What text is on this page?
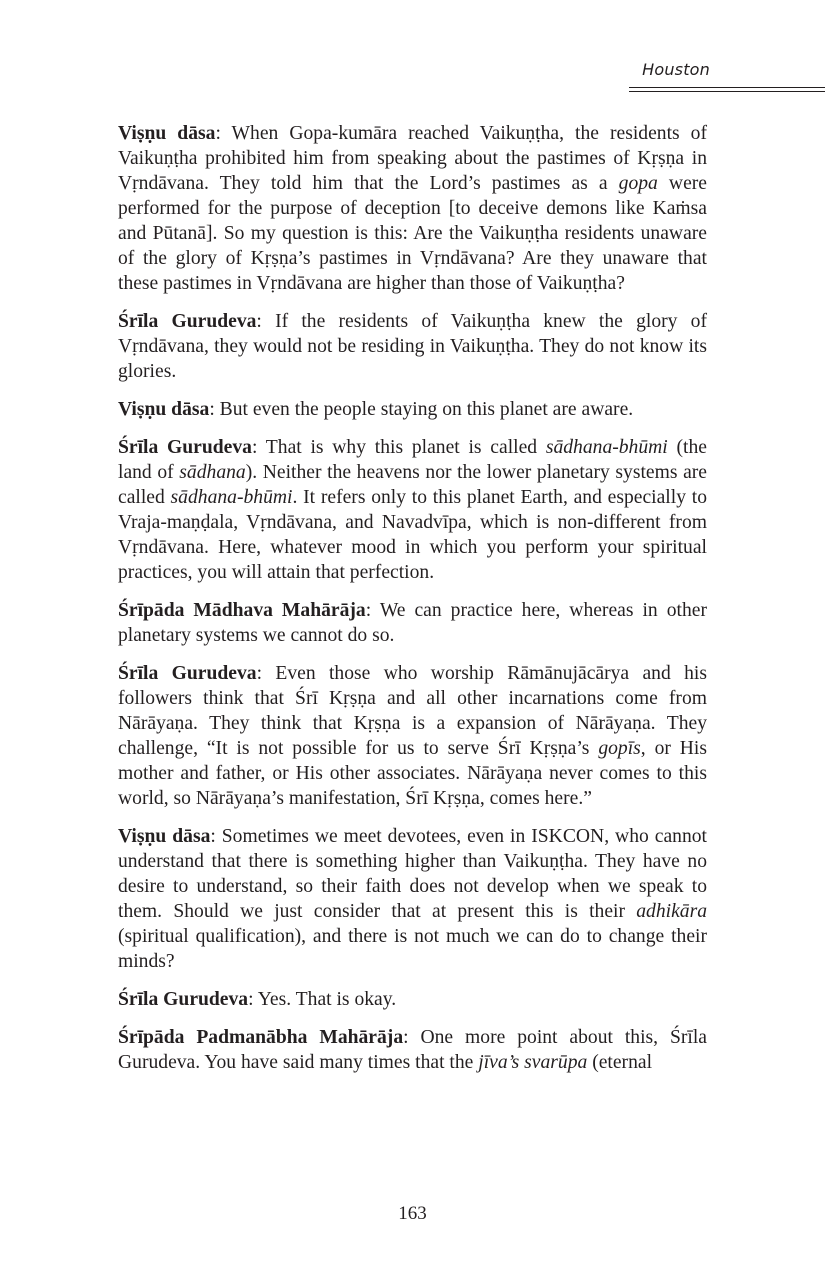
Houston

Viṣṇu dāsa: When Gopa-kumāra reached Vaikuṇṭha, the residents of Vaikuṇṭha prohibited him from speaking about the pastimes of Kṛṣṇa in Vṛndāvana. They told him that the Lord’s pastimes as a gopa were performed for the purpose of deception [to deceive demons like Kaṁsa and Pūtanā]. So my question is this: Are the Vaikuṇṭha residents unaware of the glory of Kṛṣṇa’s pastimes in Vṛndāvana? Are they unaware that these pastimes in Vṛndāvana are higher than those of Vaikuṇṭha?

Śrīla Gurudeva: If the residents of Vaikuṇṭha knew the glory of Vṛndāvana, they would not be residing in Vaikuṇṭha. They do not know its glories.

Viṣṇu dāsa: But even the people staying on this planet are aware.

Śrīla Gurudeva: That is why this planet is called sādhana-bhūmi (the land of sādhana). Neither the heavens nor the lower planetary systems are called sādhana-bhūmi. It refers only to this planet Earth, and especially to Vraja-maṇḍala, Vṛndāvana, and Navadvīpa, which is non-different from Vṛndāvana. Here, whatever mood in which you perform your spiritual practices, you will attain that perfection.

Śrīpāda Mādhava Mahārāja: We can practice here, whereas in other planetary systems we cannot do so.

Śrīla Gurudeva: Even those who worship Rāmānujācārya and his followers think that Śrī Kṛṣṇa and all other incarnations come from Nārāyaṇa. They think that Kṛṣṇa is a expansion of Nārāyaṇa. They challenge, “It is not possible for us to serve Śrī Kṛṣṇa’s gopīs, or His mother and father, or His other associates. Nārāyaṇa never comes to this world, so Nārāyaṇa’s manifestation, Śrī Kṛṣṇa, comes here.”

Viṣṇu dāsa: Sometimes we meet devotees, even in ISKCON, who cannot understand that there is something higher than Vaikuṇṭha. They have no desire to understand, so their faith does not develop when we speak to them. Should we just consider that at present this is their adhikāra (spiritual qualification), and there is not much we can do to change their minds?

Śrīla Gurudeva: Yes. That is okay.

Śrīpāda Padmanābha Mahārāja: One more point about this, Śrīla Gurudeva. You have said many times that the jīva’s svarūpa (eternal

163
